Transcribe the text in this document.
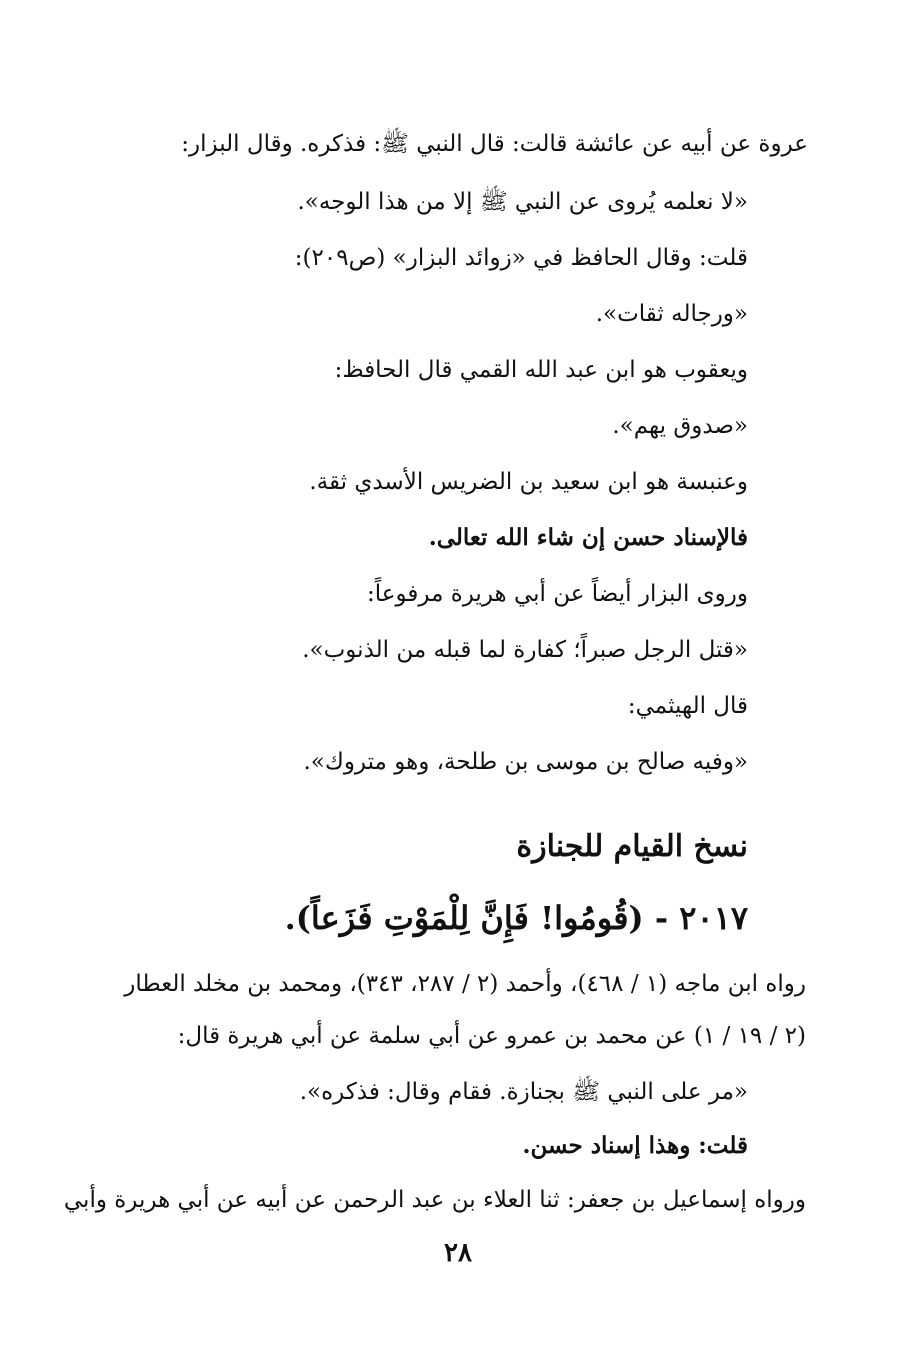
عروة عن أبيه عن عائشة قالت: قال النبي ﷺ: فذكره. وقال البزار:
«لا نعلمه يُروى عن النبي ﷺ إلا من هذا الوجه».
قلت: وقال الحافظ في «زوائد البزار» (ص٢٠٩):
«ورجاله ثقات».
ويعقوب هو ابن عبد الله القمي قال الحافظ:
«صدوق يهم».
وعنبسة هو ابن سعيد بن الضريس الأسدي ثقة.
فالإسناد حسن إن شاء الله تعالى.
وروى البزار أيضاً عن أبي هريرة مرفوعاً:
«قتل الرجل صبراً؛ كفارة لما قبله من الذنوب».
قال الهيثمي:
«وفيه صالح بن موسى بن طلحة، وهو متروك».
نسخ القيام للجنازة
٢٠١٧ - (قُومُوا! فَإِنَّ لِلْمَوْتِ فَزَعاً).
رواه ابن ماجه (١ / ٤٦٨)، وأحمد (٢ / ٢٨٧، ٣٤٣)، ومحمد بن مخلد العطار
(٢ / ١٩ / ١) عن محمد بن عمرو عن أبي سلمة عن أبي هريرة قال:
«مر على النبي ﷺ بجنازة. فقام وقال: فذكره».
قلت: وهذا إسناد حسن.
ورواه إسماعيل بن جعفر: ثنا العلاء بن عبد الرحمن عن أبيه عن أبي هريرة وأبي
٢٨
